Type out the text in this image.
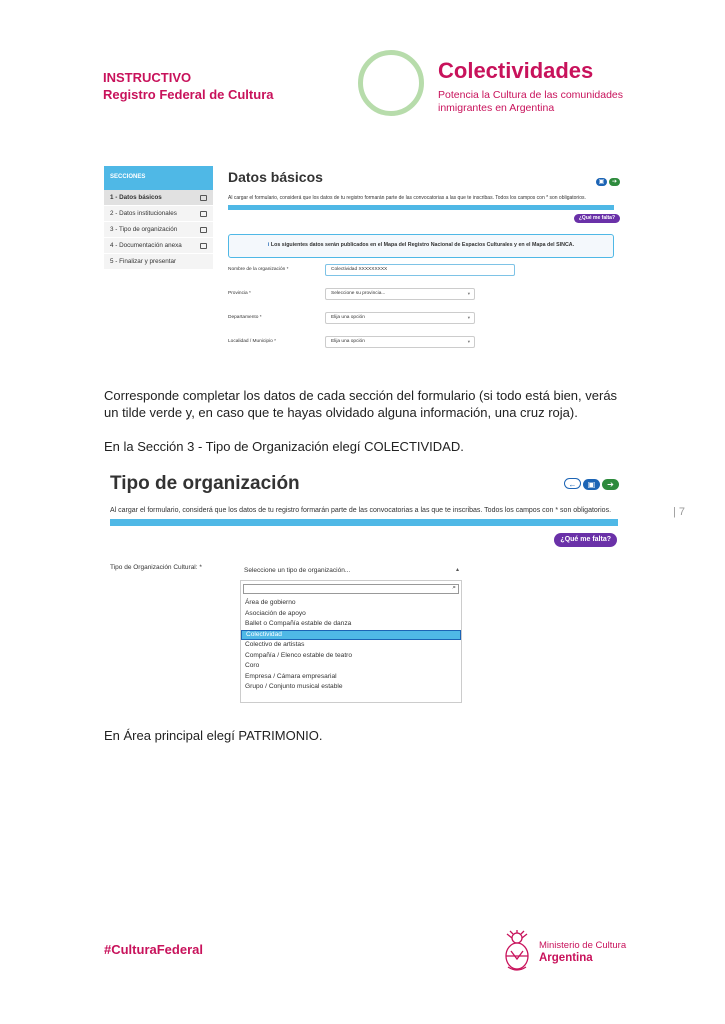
INSTRUCTIVO
Registro Federal de Cultura
Colectividades
Potencia la Cultura de las comunidades inmigrantes en Argentina
SECCIONES
1 - Datos básicos
2 - Datos institucionales
3 - Tipo de organización
4 - Documentación anexa
5 - Finalizar y presentar
Datos básicos	▣ ➔
Al cargar el formulario, considerá que los datos de tu registro formarán parte de las convocatorias a las que te inscribas. Todos los campos con * son obligatorios.
¿Qué me falta?
i Los siguientes datos serán publicados en el Mapa del Registro Nacional de Espacios Culturales y en el Mapa del SINCA.
Nombre de la organización *	Colectividad XXXXXXXXX
Provincia *	Seleccione su provincia...	▾
Departamento *	Elija una opción	▾
Localidad / Municipio *	Elija una opción	▾
Corresponde completar los datos de cada sección del formulario (si todo está bien, verás un tilde verde y, en caso que te hayas olvidado alguna información, una cruz roja).
En la Sección 3 - Tipo de Organización elegí COLECTIVIDAD.
Tipo de organización	← ▣ ➔
Al cargar el formulario, considerá que los datos de tu registro formarán parte de las convocatorias a las que te inscribas. Todos los campos con * son obligatorios.
¿Qué me falta?
Tipo de Organización Cultural: *	Seleccione un tipo de organización...	▴
⌕
Área de gobierno
Asociación de apoyo
Ballet o Compañía estable de danza
Colectividad
Colectivo de artistas
Compañía / Elenco estable de teatro
Coro
Empresa / Cámara empresarial
Grupo / Conjunto musical estable
| 7
En Área principal elegí PATRIMONIO.
#CulturaFederal	Ministerio de Cultura
Argentina
